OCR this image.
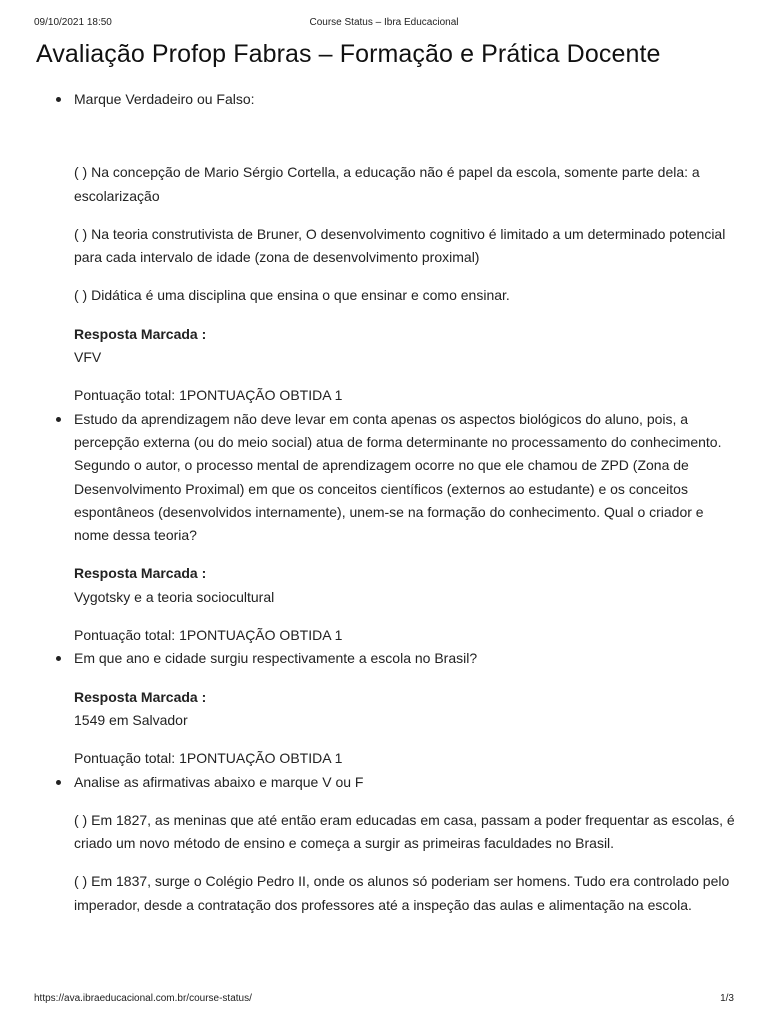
09/10/2021 18:50	Course Status – Ibra Educacional
Avaliação Profop Fabras – Formação e Prática Docente

Marque Verdadeiro ou Falso:

( ) Na concepção de Mario Sérgio Cortella, a educação não é papel da escola, somente parte dela: a escolarização

( ) Na teoria construtivista de Bruner, O desenvolvimento cognitivo é limitado a um determinado potencial para cada intervalo de idade (zona de desenvolvimento proximal)

( ) Didática é uma disciplina que ensina o que ensinar e como ensinar.

Resposta Marcada :

VFV

Pontuação total: 1PONTUAÇÃO OBTIDA 1

Estudo da aprendizagem não deve levar em conta apenas os aspectos biológicos do aluno, pois, a percepção externa (ou do meio social) atua de forma determinante no processamento do conhecimento. Segundo o autor, o processo mental de aprendizagem ocorre no que ele chamou de ZPD (Zona de Desenvolvimento Proximal) em que os conceitos científicos (externos ao estudante) e os conceitos espontâneos (desenvolvidos internamente), unem-se na formação do conhecimento. Qual o criador e nome dessa teoria?

Resposta Marcada :

Vygotsky e a teoria sociocultural

Pontuação total: 1PONTUAÇÃO OBTIDA 1

Em que ano e cidade surgiu respectivamente a escola no Brasil?

Resposta Marcada :

1549 em Salvador

Pontuação total: 1PONTUAÇÃO OBTIDA 1

Analise as afirmativas abaixo e marque V ou F

( ) Em 1827, as meninas que até então eram educadas em casa, passam a poder frequentar as escolas, é criado um novo método de ensino e começa a surgir as primeiras faculdades no Brasil.

( ) Em 1837, surge o Colégio Pedro II, onde os alunos só poderiam ser homens. Tudo era controlado pelo imperador, desde a contratação dos professores até a inspeção das aulas e alimentação na escola.

https://ava.ibraeducacional.com.br/course-status/	1/3
